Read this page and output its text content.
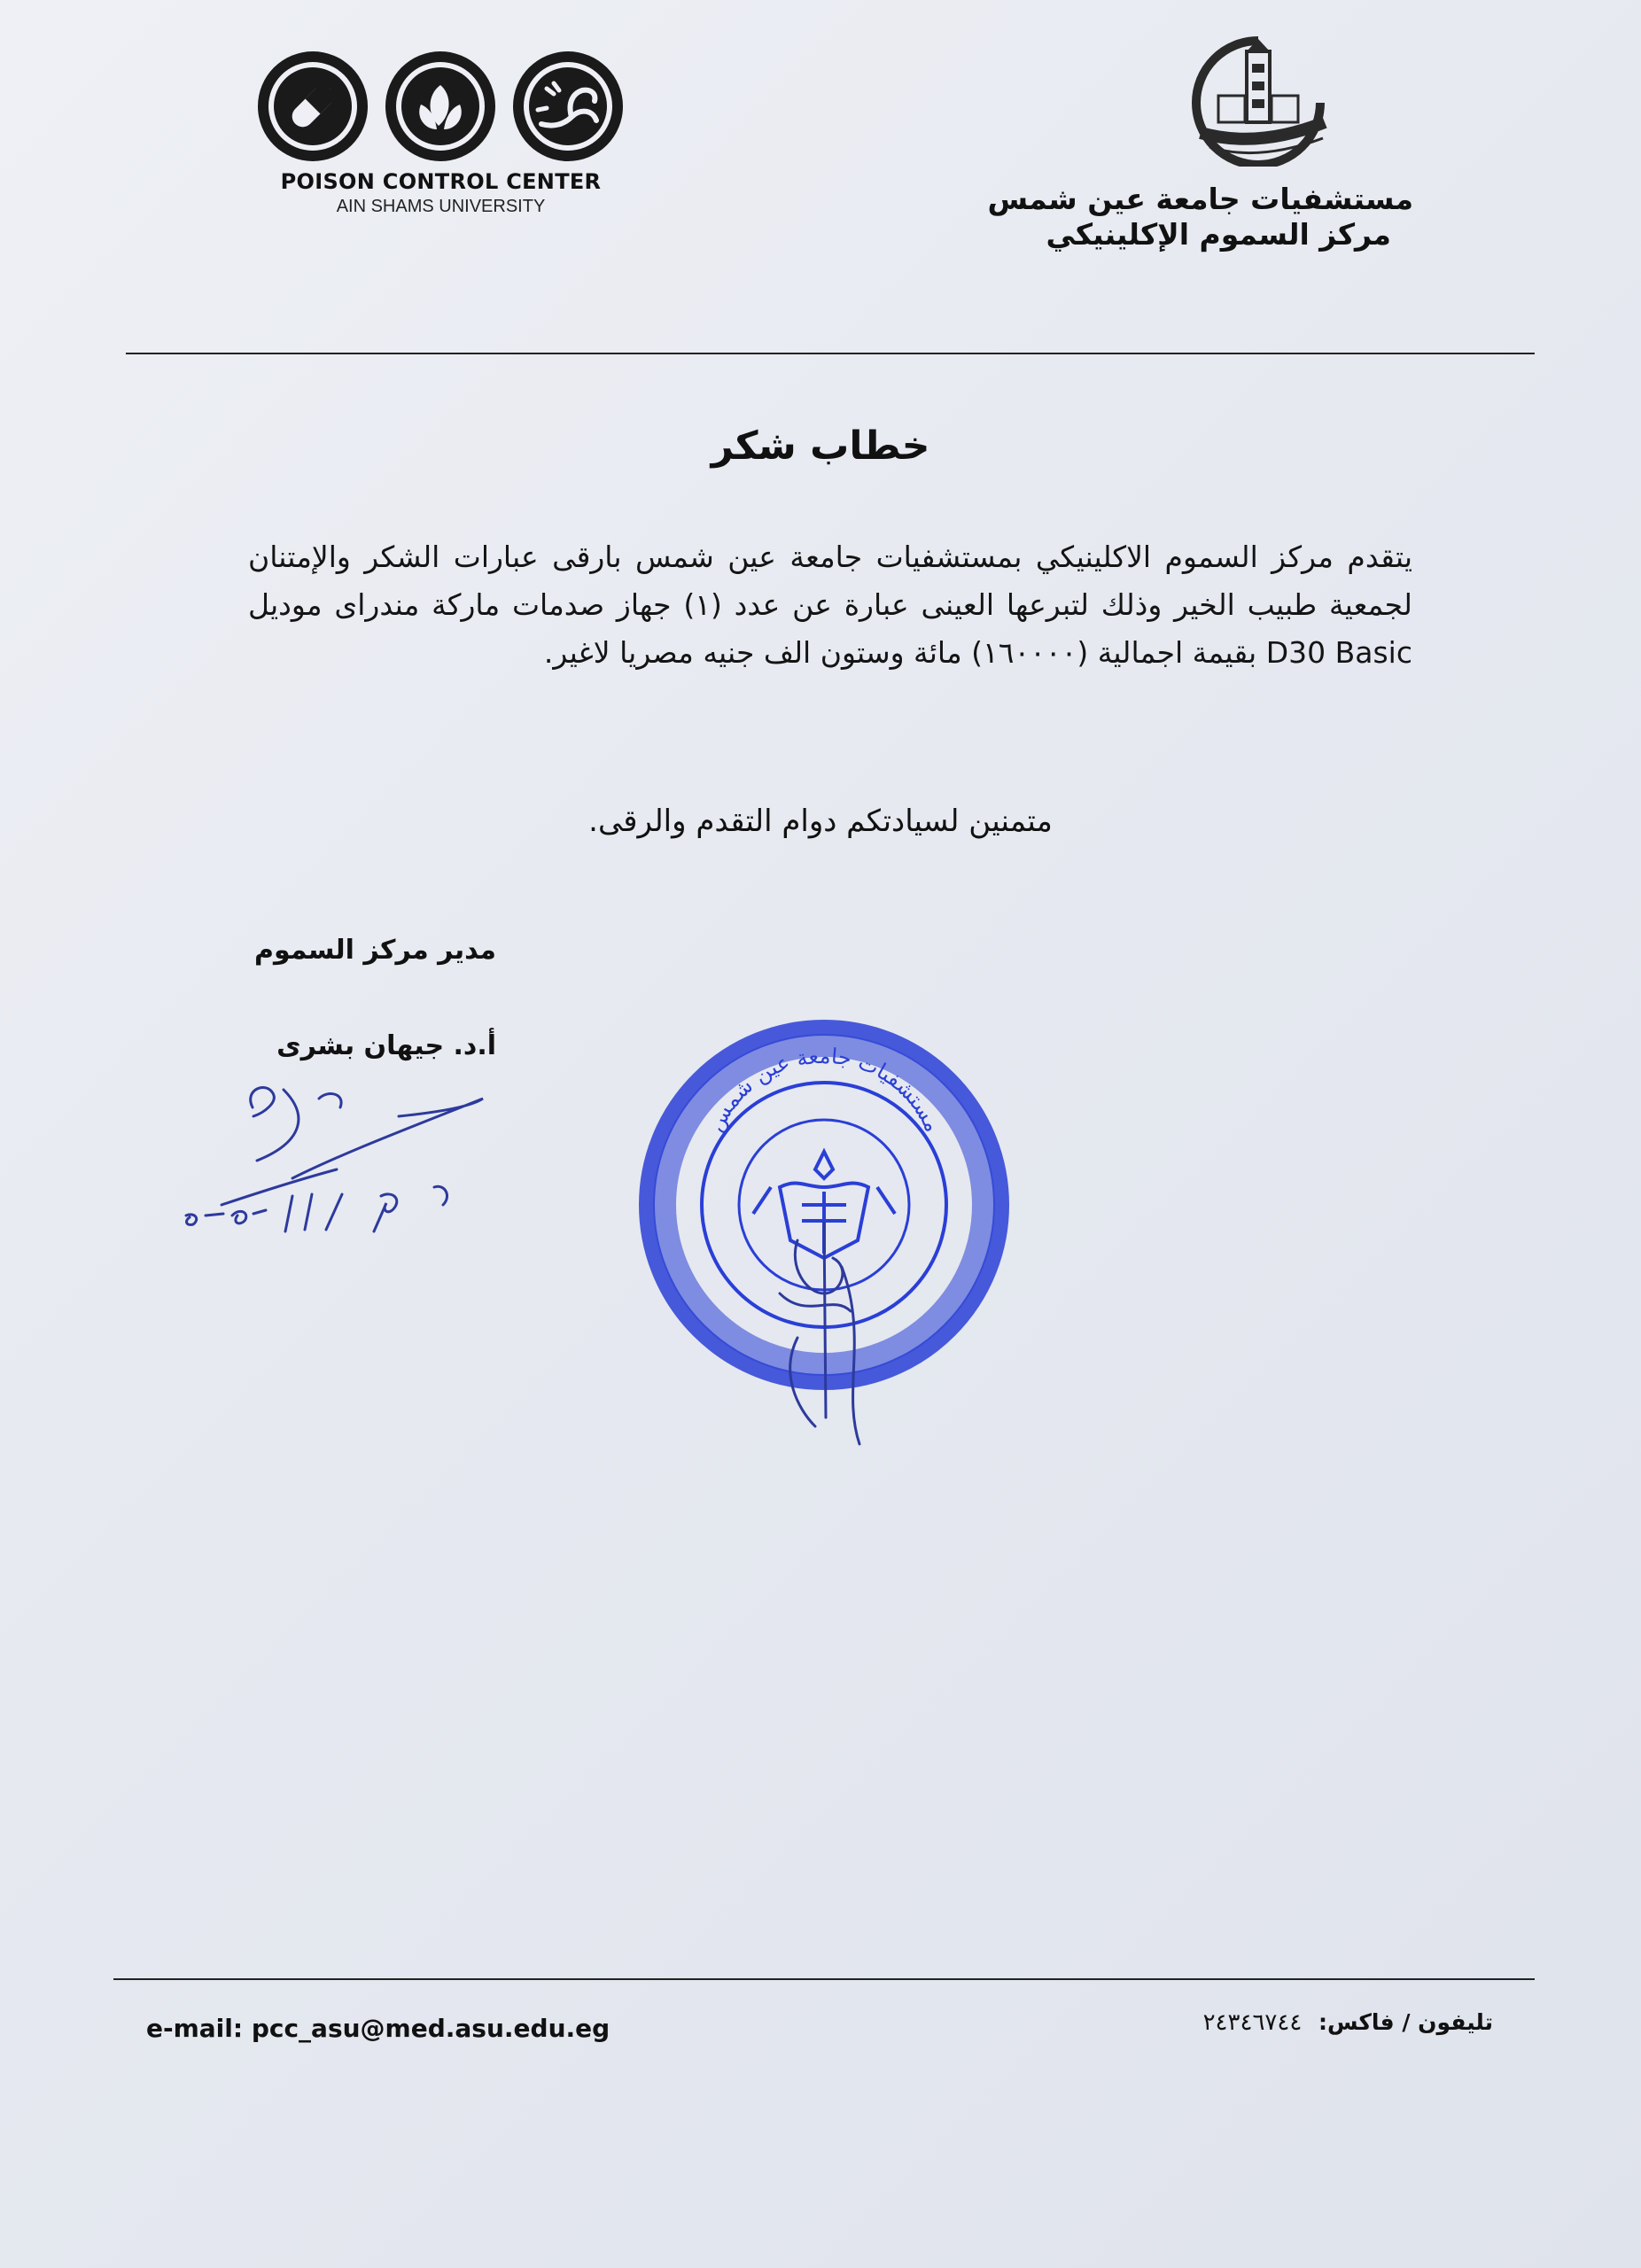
POISON CONTROL CENTER
AIN SHAMS UNIVERSITY	مستشفيات جامعة عين شمس
مركز السموم الإكلينيكي
خطاب شكر
يتقدم مركز السموم الاكلينيكي بمستشفيات جامعة عين شمس بارقى عبارات الشكر والإمتنان لجمعية طبيب الخير وذلك لتبرعها العينى عبارة عن عدد (١) جهاز صدمات ماركة مندراى موديل D30 Basic بقيمة اجمالية (١٦٠٠٠٠) مائة وستون الف جنيه مصريا لاغير.
متمنين لسيادتكم دوام التقدم والرقى.
مدير مركز السموم
أ.د. جيهان بشرى
مستشفيات جامعة عين شمس
e-mail: pcc_asu@med.asu.edu.eg	تليفون / فاكس: ٢٤٣٤٦٧٤٤
